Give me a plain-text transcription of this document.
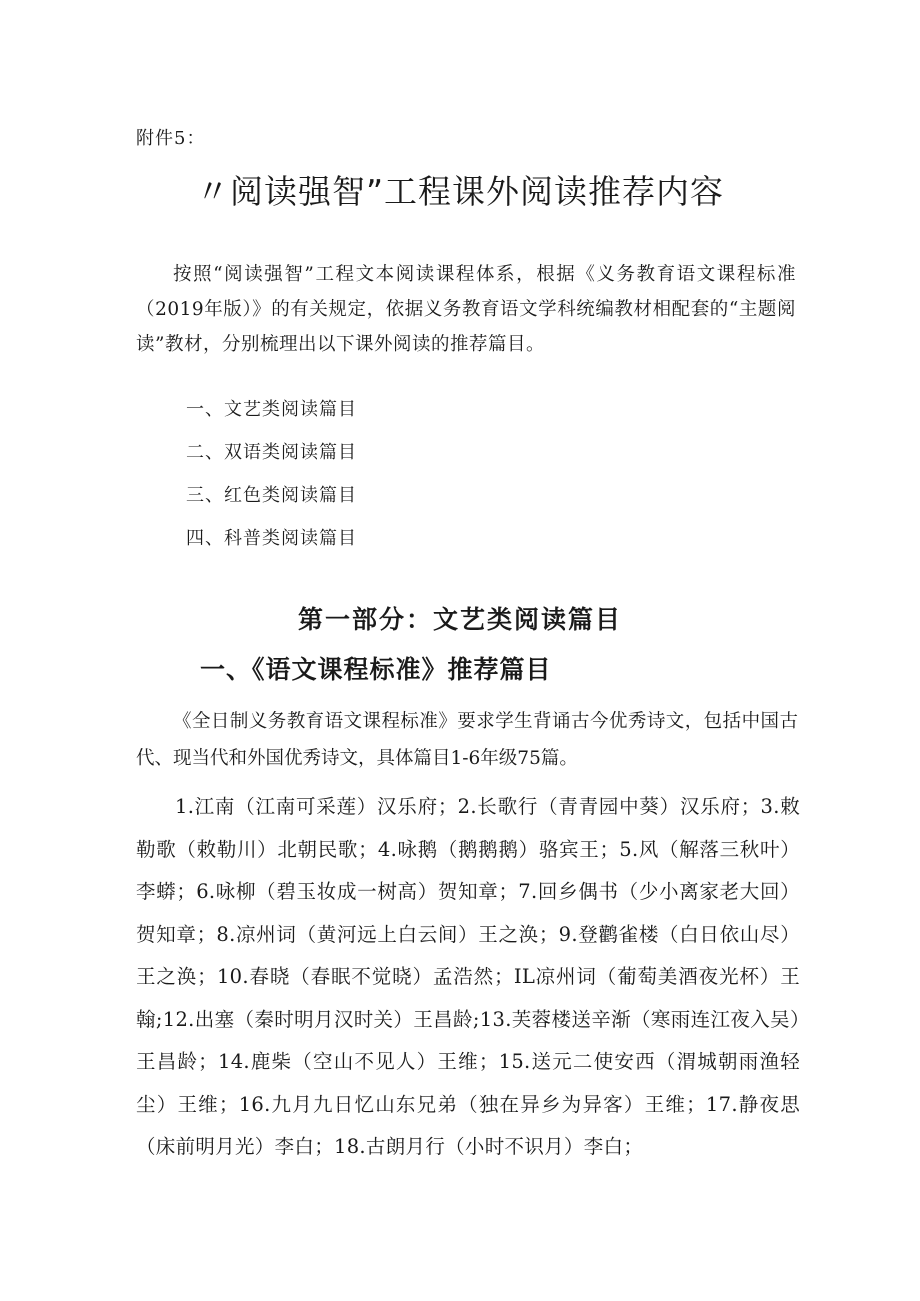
附件5：
〃阅读强智”工程课外阅读推荐内容

按照“阅读强智”工程文本阅读课程体系，根据《义务教育语文课程标准（2019年版）》的有关规定，依据义务教育语文学科统编教材相配套的“主题阅读”教材，分别梳理出以下课外阅读的推荐篇目。

一、文艺类阅读篇目
二、双语类阅读篇目
三、红色类阅读篇目
四、科普类阅读篇目
第一部分：文艺类阅读篇目
一、《语文课程标准》推荐篇目

《全日制义务教育语文课程标准》要求学生背诵古今优秀诗文，包括中国古代、现当代和外国优秀诗文，具体篇目1-6年级75篇。

1.江南（江南可采莲）汉乐府；2.长歌行（青青园中葵）汉乐府；3.敕勒歌（敕勒川）北朝民歌；4.咏鹅（鹅鹅鹅）骆宾王；5.风（解落三秋叶）李蟒；6.咏柳（碧玉妆成一树高）贺知章；7.回乡偶书（少小离家老大回）贺知章；8.凉州词（黄河远上白云间）王之涣；9.登鹳雀楼（白日依山尽）王之涣；10.春晓（春眠不觉晓）孟浩然；IL凉州词（葡萄美酒夜光杯）王翰;12.出塞（秦时明月汉时关）王昌龄;13.芙蓉楼送辛渐（寒雨连江夜入吴）王昌龄；14.鹿柴（空山不见人）王维；15.送元二使安西（渭城朝雨渔轻尘）王维；16.九月九日忆山东兄弟（独在异乡为异客）王维；17.静夜思（床前明月光）李白；18.古朗月行（小时不识月）李白；
